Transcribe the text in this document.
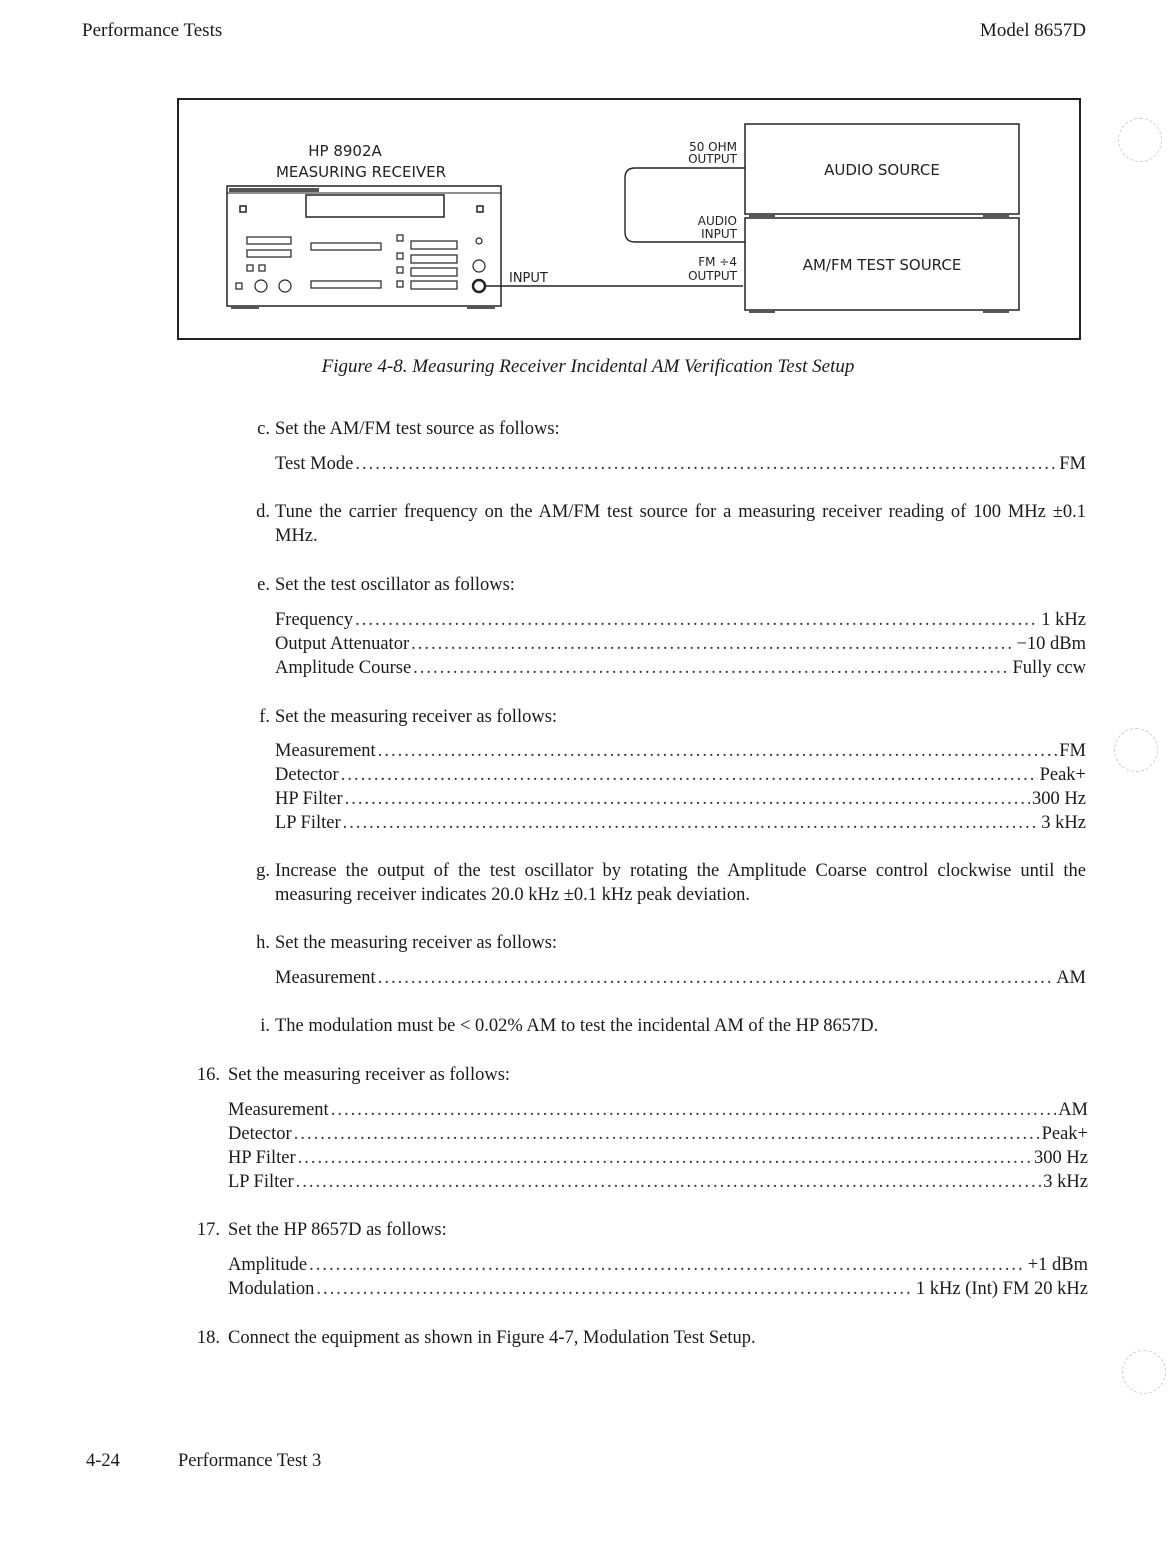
Performance Tests	Model 8657D
HP 8902A
MEASURING RECEIVER
INPUT
AUDIO SOURCE
AM/FM TEST SOURCE
50 OHM
OUTPUT
AUDIO
INPUT
FM ÷4
OUTPUT
Figure 4-8. Measuring Receiver Incidental AM Verification Test Setup
c. Set the AM/FM test source as follows:
Test Mode .....	FM
d. Tune the carrier frequency on the AM/FM test source for a measuring receiver reading of 100 MHz ±0.1 MHz.
e. Set the test oscillator as follows:
Frequency .....	1 kHz
Output Attenuator .....	−10 dBm
Amplitude Course .....	Fully ccw
f. Set the measuring receiver as follows:
Measurement .....	FM
Detector .....	Peak+
HP Filter .....	300 Hz
LP Filter .....	3 kHz
g. Increase the output of the test oscillator by rotating the Amplitude Coarse control clockwise until the measuring receiver indicates 20.0 kHz ±0.1 kHz peak deviation.
h. Set the measuring receiver as follows:
Measurement .....	AM
i. The modulation must be < 0.02% AM to test the incidental AM of the HP 8657D.
16. Set the measuring receiver as follows:
Measurement .....	AM
Detector .....	Peak+
HP Filter .....	300 Hz
LP Filter .....	3 kHz
17. Set the HP 8657D as follows:
Amplitude .....	+1 dBm
Modulation .....	1 kHz (Int) FM 20 kHz
18. Connect the equipment as shown in Figure 4-7, Modulation Test Setup.
4-24	Performance Test 3
